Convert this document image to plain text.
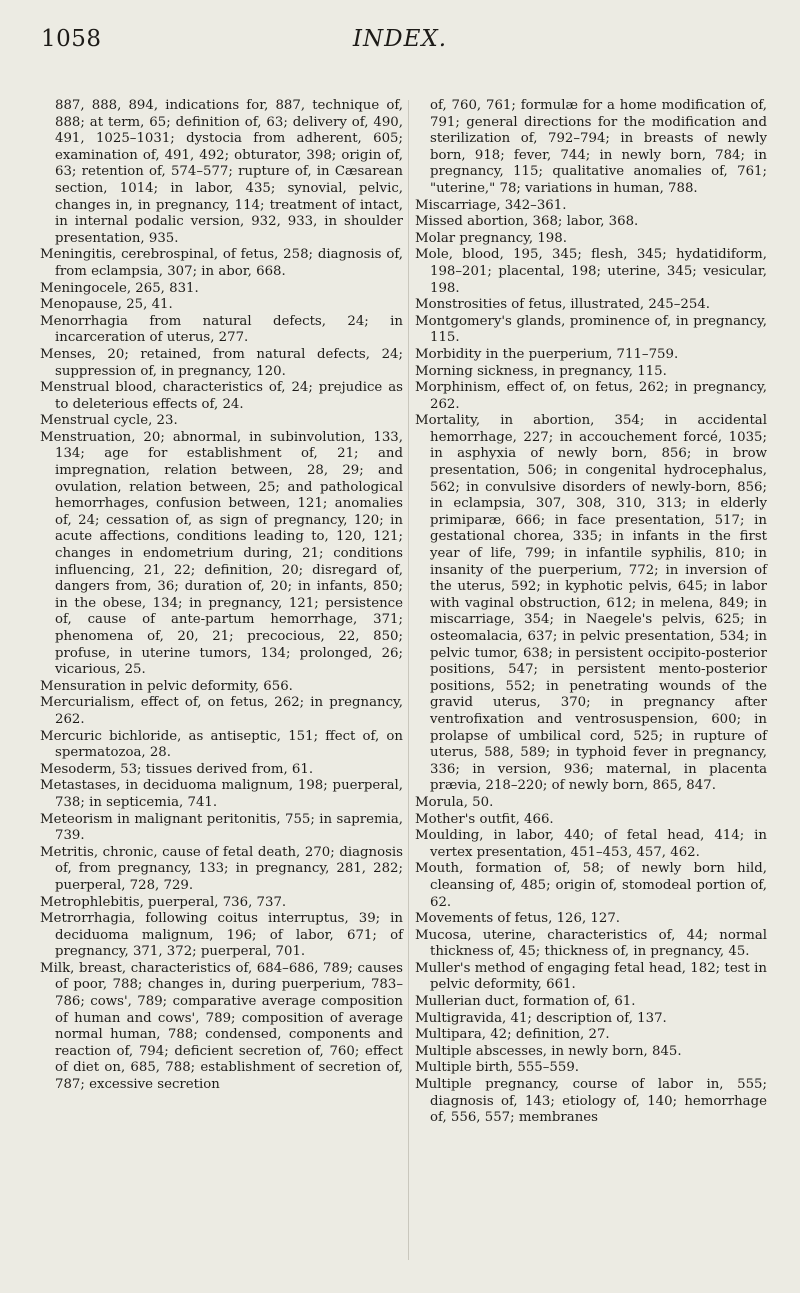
1058	INDEX.

887, 888, 894, indications for, 887, technique of, 888; at term, 65; definition of, 63; delivery of, 490, 491, 1025–1031; dystocia from adherent, 605; examination of, 491, 492; obturator, 398; origin of, 63; retention of, 574–577; rupture of, in Cæsarean section, 1014; in labor, 435; synovial, pelvic, changes in, in pregnancy, 114; treatment of intact, in internal podalic version, 932, 933, in shoulder presentation, 935.

Meningitis, cerebrospinal, of fetus, 258; diagnosis of, from eclampsia, 307; in abor, 668.

Meningocele, 265, 831.

Menopause, 25, 41.

Menorrhagia from natural defects, 24; in incarceration of uterus, 277.

Menses, 20; retained, from natural defects, 24; suppression of, in pregnancy, 120.

Menstrual blood, characteristics of, 24; prejudice as to deleterious effects of, 24.

Menstrual cycle, 23.

Menstruation, 20; abnormal, in subinvolution, 133, 134; age for establishment of, 21; and impregnation, relation between, 28, 29; and ovulation, relation between, 25; and pathological hemorrhages, confusion between, 121; anomalies of, 24; cessation of, as sign of pregnancy, 120; in acute affections, conditions leading to, 120, 121; changes in endometrium during, 21; conditions influencing, 21, 22; definition, 20; disregard of, dangers from, 36; duration of, 20; in infants, 850; in the obese, 134; in pregnancy, 121; persistence of, cause of ante-partum hemorrhage, 371; phenomena of, 20, 21; precocious, 22, 850; profuse, in uterine tumors, 134; prolonged, 26; vicarious, 25.

Mensuration in pelvic deformity, 656.

Mercurialism, effect of, on fetus, 262; in pregnancy, 262.

Mercuric bichloride, as antiseptic, 151; ffect of, on spermatozoa, 28.

Mesoderm, 53; tissues derived from, 61.

Metastases, in deciduoma malignum, 198; puerperal, 738; in septicemia, 741.

Meteorism in malignant peritonitis, 755; in sapremia, 739.

Metritis, chronic, cause of fetal death, 270; diagnosis of, from pregnancy, 133; in pregnancy, 281, 282; puerperal, 728, 729.

Metrophlebitis, puerperal, 736, 737.

Metrorrhagia, following coitus interruptus, 39; in deciduoma malignum, 196; of labor, 671; of pregnancy, 371, 372; puerperal, 701.

Milk, breast, characteristics of, 684–686, 789; causes of poor, 788; changes in, during puerperium, 783–786; cows', 789; comparative average composition of human and cows', 789; composition of average normal human, 788; condensed, components and reaction of, 794; deficient secretion of, 760; effect of diet on, 685, 788; establishment of secretion of, 787; excessive secretion

of, 760, 761; formulæ for a home modification of, 791; general directions for the modification and sterilization of, 792–794; in breasts of newly born, 918; fever, 744; in newly born, 784; in pregnancy, 115; qualitative anomalies of, 761; "uterine," 78; variations in human, 788.

Miscarriage, 342–361.

Missed abortion, 368; labor, 368.

Molar pregnancy, 198.

Mole, blood, 195, 345; flesh, 345; hydatidiform, 198–201; placental, 198; uterine, 345; vesicular, 198.

Monstrosities of fetus, illustrated, 245–254.

Montgomery's glands, prominence of, in pregnancy, 115.

Morbidity in the puerperium, 711–759.

Morning sickness, in pregnancy, 115.

Morphinism, effect of, on fetus, 262; in pregnancy, 262.

Mortality, in abortion, 354; in accidental hemorrhage, 227; in accouchement forcé, 1035; in asphyxia of newly born, 856; in brow presentation, 506; in congenital hydrocephalus, 562; in convulsive disorders of newly-born, 856; in eclampsia, 307, 308, 310, 313; in elderly primiparæ, 666; in face presentation, 517; in gestational chorea, 335; in infants in the first year of life, 799; in infantile syphilis, 810; in insanity of the puerperium, 772; in inversion of the uterus, 592; in kyphotic pelvis, 645; in labor with vaginal obstruction, 612; in melena, 849; in miscarriage, 354; in Naegele's pelvis, 625; in osteomalacia, 637; in pelvic presentation, 534; in pelvic tumor, 638; in persistent occipito-posterior positions, 547; in persistent mento-posterior positions, 552; in penetrating wounds of the gravid uterus, 370; in pregnancy after ventrofixation and ventrosuspension, 600; in prolapse of umbilical cord, 525; in rupture of uterus, 588, 589; in typhoid fever in pregnancy, 336; in version, 936; maternal, in placenta prævia, 218–220; of newly born, 865, 847.

Morula, 50.

Mother's outfit, 466.

Moulding, in labor, 440; of fetal head, 414; in vertex presentation, 451–453, 457, 462.

Mouth, formation of, 58; of newly born hild, cleansing of, 485; origin of, stomodeal portion of, 62.

Movements of fetus, 126, 127.

Mucosa, uterine, characteristics of, 44; normal thickness of, 45; thickness of, in pregnancy, 45.

Muller's method of engaging fetal head, 182; test in pelvic deformity, 661.

Mullerian duct, formation of, 61.

Multigravida, 41; description of, 137.

Multipara, 42; definition, 27.

Multiple abscesses, in newly born, 845.

Multiple birth, 555–559.

Multiple pregnancy, course of labor in, 555; diagnosis of, 143; etiology of, 140; hemorrhage of, 556, 557; membranes
